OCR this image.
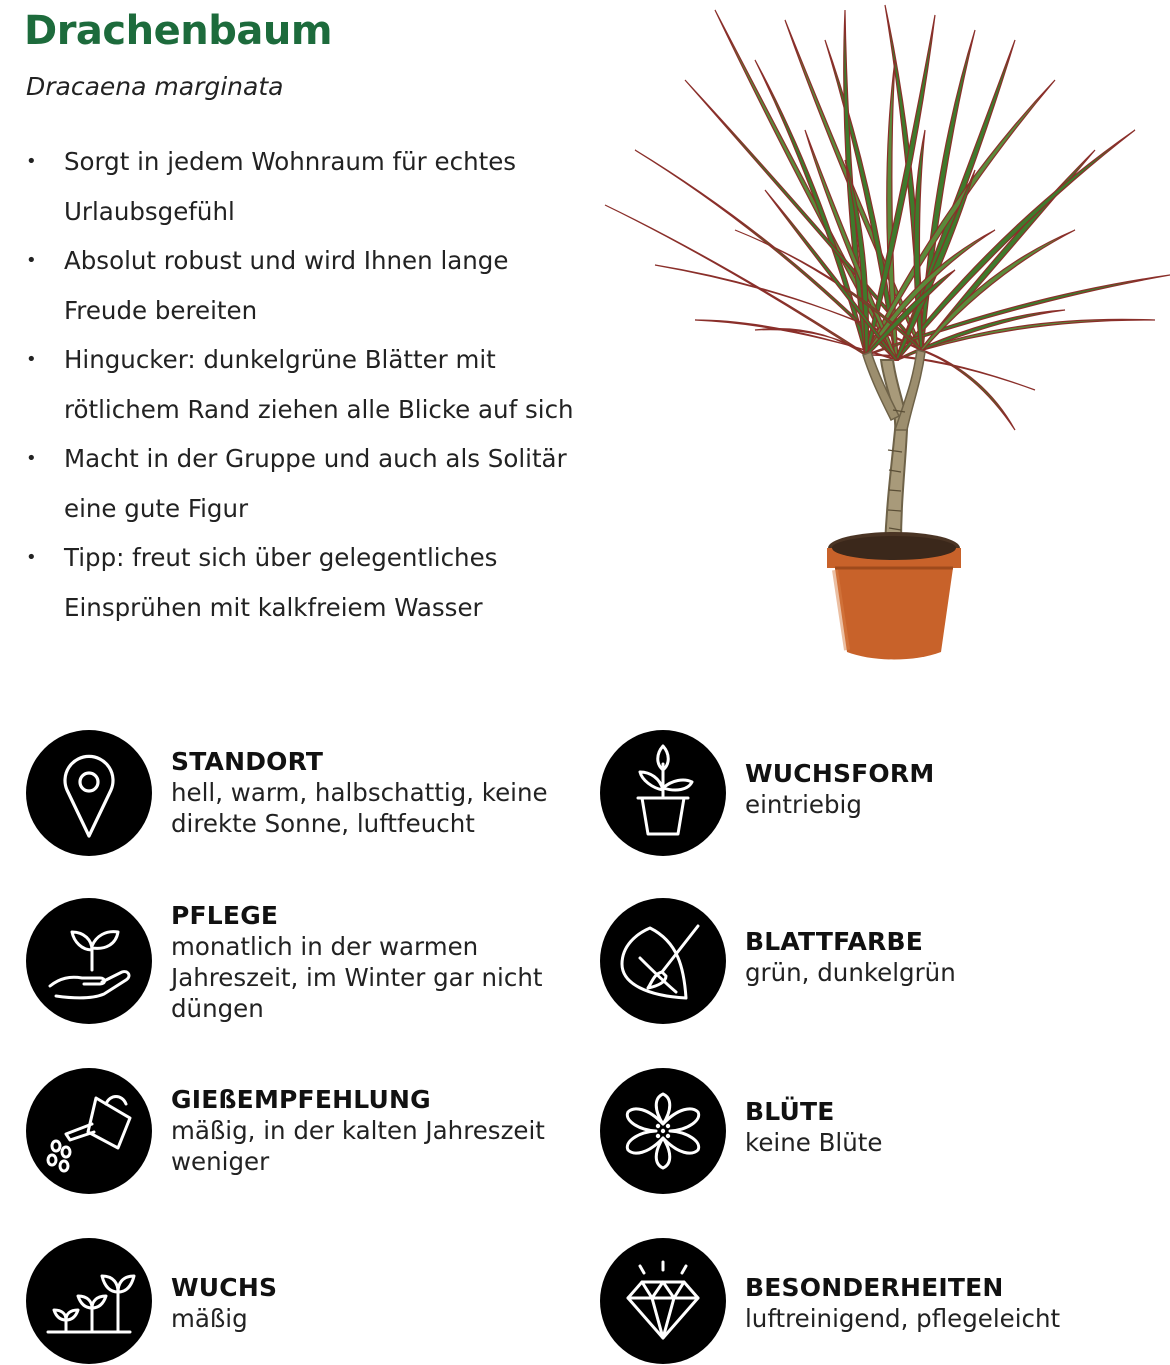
Drachenbaum
Dracaena marginata
• Sorgt in jedem Wohnraum für echtes
Urlaubsgefühl
• Absolut robust und wird Ihnen lange
Freude bereiten
• Hingucker: dunkelgrüne Blätter mit
rötlichem Rand ziehen alle Blicke auf sich
• Macht in der Gruppe und auch als Solitär
eine gute Figur
• Tipp: freut sich über gelegentliches
Einsprühen mit kalkfreiem Wasser
STANDORT
hell, warm, halbschattig, keine
direkte Sonne, luftfeucht
PFLEGE
monatlich in der warmen
Jahreszeit, im Winter gar nicht
düngen
GIEßEMPFEHLUNG
mäßig, in der kalten Jahreszeit
weniger
WUCHS
mäßig
WUCHSFORM
eintriebig
BLATTFARBE
grün, dunkelgrün
BLÜTE
keine Blüte
BESONDERHEITEN
luftreinigend, pflegeleicht
